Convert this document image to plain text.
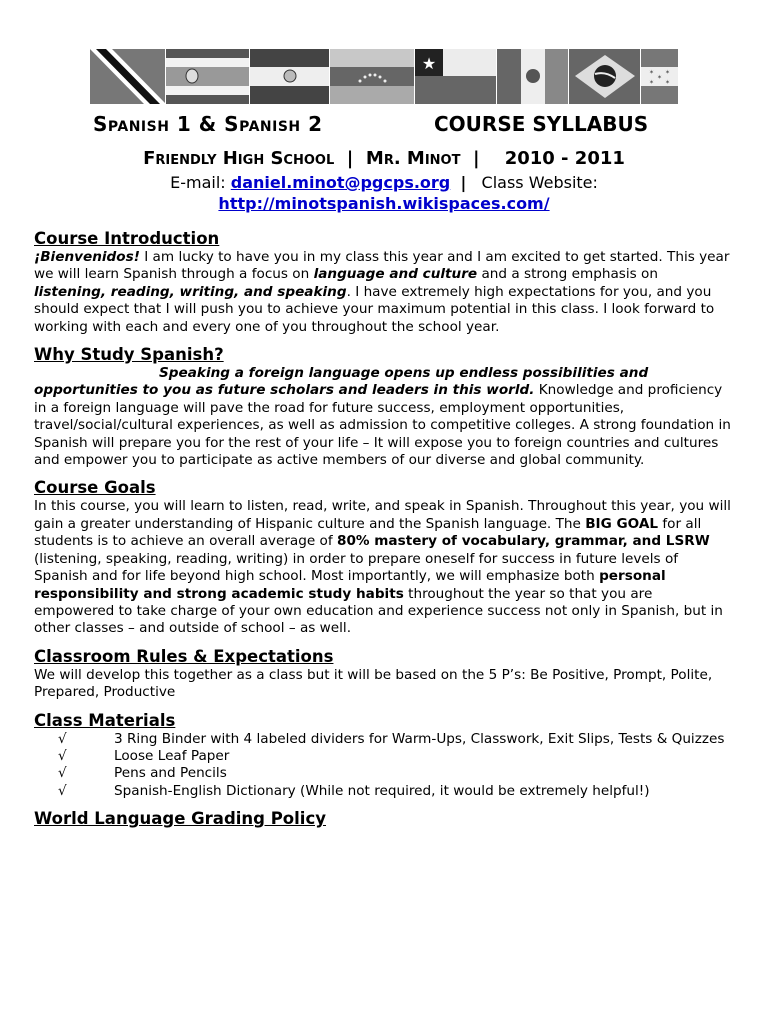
★	✶ ✶
✶
✶ ✶
Spanish 1 & Spanish 2	COURSE SYLLABUS
Friendly High School | Mr. Minot | 2010 - 2011
E-mail: daniel.minot@pgcps.org | Class Website:
http://minotspanish.wikispaces.com/
Course Introduction

¡Bienvenidos! I am lucky to have you in my class this year and I am excited to get started. This year we will learn Spanish through a focus on language and culture and a strong emphasis on listening, reading, writing, and speaking. I have extremely high expectations for you, and you should expect that I will push you to achieve your maximum potential in this class. I look forward to working with each and every one of you throughout the school year.

Why Study Spanish?

Speaking a foreign language opens up endless possibilities and opportunities to you as future scholars and leaders in this world. Knowledge and proficiency in a foreign language will pave the road for future success, employment opportunities, travel/social/cultural experiences, as well as admission to competitive colleges. A strong foundation in Spanish will prepare you for the rest of your life – It will expose you to foreign countries and cultures and empower you to participate as active members of our diverse and global community.

Course Goals

In this course, you will learn to listen, read, write, and speak in Spanish. Throughout this year, you will gain a greater understanding of Hispanic culture and the Spanish language. The BIG GOAL for all students is to achieve an overall average of 80% mastery of vocabulary, grammar, and LSRW (listening, speaking, reading, writing) in order to prepare oneself for success in future levels of Spanish and for life beyond high school. Most importantly, we will emphasize both personal responsibility and strong academic study habits throughout the year so that you are empowered to take charge of your own education and experience success not only in Spanish, but in other classes – and outside of school – as well.

Classroom Rules & Expectations

We will develop this together as a class but it will be based on the 5 P’s: Be Positive, Prompt, Polite, Prepared, Productive

Class Materials
√	3 Ring Binder with 4 labeled dividers for Warm-Ups, Classwork, Exit Slips, Tests & Quizzes
√	Loose Leaf Paper
√	Pens and Pencils
√	Spanish-English Dictionary (While not required, it would be extremely helpful!)
World Language Grading Policy
